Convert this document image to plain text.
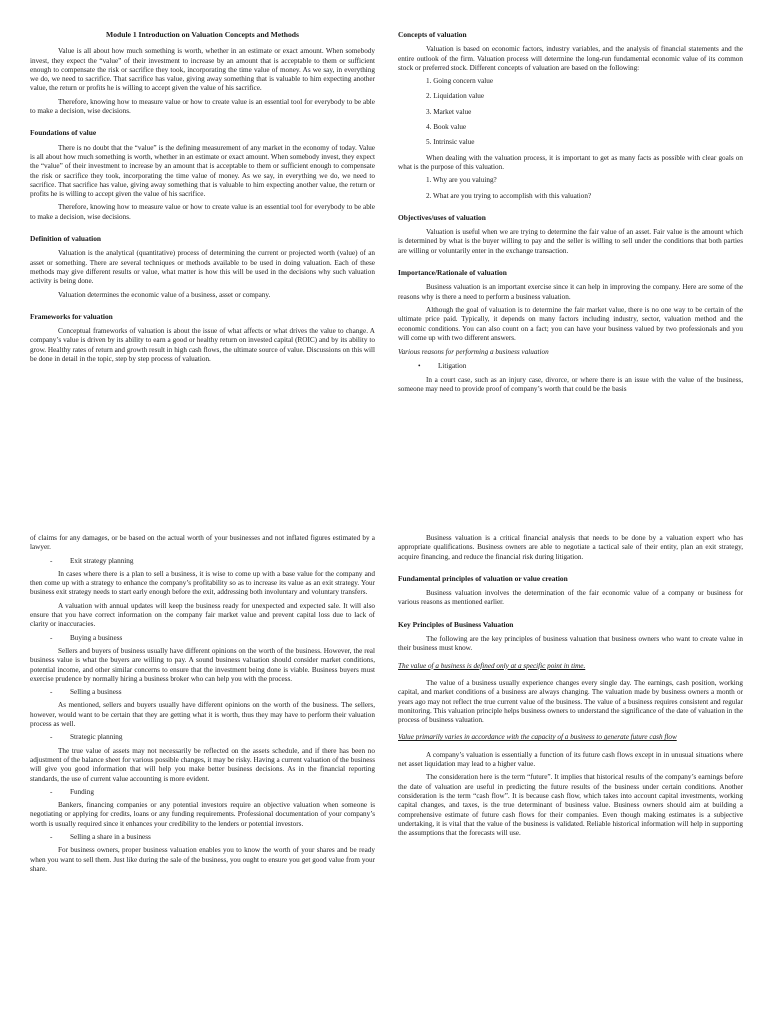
Module 1 Introduction on Valuation Concepts and Methods

Value is all about how much something is worth, whether in an estimate or exact amount. When somebody invest, they expect the “value” of their investment to increase by an amount that is acceptable to them or sufficient enough to compensate the risk or sacrifice they took, incorporating the time value of money. As we say, in everything we do, we need to sacrifice. That sacrifice has value, giving away something that is valuable to him expecting another value, the return or profits he is willing to accept given the value of his sacrifice.

Therefore, knowing how to measure value or how to create value is an essential tool for everybody to be able to make a decision, wise decisions.

Foundations of value

There is no doubt that the “value” is the defining measurement of any market in the economy of today. Value is all about how much something is worth, whether in an estimate or exact amount. When somebody invest, they expect the “value” of their investment to increase by an amount that is acceptable to them or sufficient enough to compensate the risk or sacrifice they took, incorporating the time value of money. As we say, in everything we do, we need to sacrifice. That sacrifice has value, giving away something that is valuable to him expecting another value, the return or profits he is willing to accept given the value of his sacrifice.

Therefore, knowing how to measure value or how to create value is an essential tool for everybody to be able to make a decision, wise decisions.

Definition of valuation

Valuation is the analytical (quantitative) process of determining the current or projected worth (value) of an asset or something. There are several techniques or methods available to be used in doing valuation. Each of these methods may give different results or value, what matter is how this will be used in the decisions why such valuation activity is being done.

Valuation determines the economic value of a business, asset or company.

Frameworks for valuation

Conceptual frameworks of valuation is about the issue of what affects or what drives the value to change. A company’s value is driven by its ability to earn a good or healthy return on invested capital (ROIC) and by its ability to grow. Healthy rates of return and growth result in high cash flows, the ultimate source of value. Discussions on this will be done in detail in the topic, step by step process of valuation.

Concepts of valuation

Valuation is based on economic factors, industry variables, and the analysis of financial statements and the entire outlook of the firm. Valuation process will determine the long-run fundamental economic value of its common stock or preferred stock. Different concepts of valuation are based on the following:

1. Going concern value

2. Liquidation value

3. Market value

4. Book value

5. Intrinsic value

When dealing with the valuation process, it is important to get as many facts as possible with clear goals on what is the purpose of this valuation.

1. Why are you valuing?

2. What are you trying to accomplish with this valuation?

Objectives/uses of valuation

Valuation is useful when we are trying to determine the fair value of an asset. Fair value is the amount which is determined by what is the buyer willing to pay and the seller is willing to sell under the conditions that both parties are willing or voluntarily enter in the exchange transaction.

Importance/Rationale of valuation

Business valuation is an important exercise since it can help in improving the company. Here are some of the reasons why is there a need to perform a business valuation.

Although the goal of valuation is to determine the fair market value, there is no one way to be certain of the ultimate price paid. Typically, it depends on many factors including industry, sector, valuation method and the economic conditions. You can also count on a fact; you can have your business valued by two professionals and you will come up with two different answers.

Various reasons for performing a business valuation

• Litigation

In a court case, such as an injury case, divorce, or where there is an issue with the value of the business, someone may need to provide proof of company’s worth that could be the basis

of claims for any damages, or be based on the actual worth of your businesses and not inflated figures estimated by a lawyer.

- Exit strategy planning

In cases where there is a plan to sell a business, it is wise to come up with a base value for the company and then come up with a strategy to enhance the company’s profitability so as to increase its value as an exit strategy. Your business exit strategy needs to start early enough before the exit, addressing both involuntary and voluntary transfers.

A valuation with annual updates will keep the business ready for unexpected and expected sale. It will also ensure that you have correct information on the company fair market value and prevent capital loss due to lack of clarity or inaccuracies.

- Buying a business

Sellers and buyers of business usually have different opinions on the worth of the business. However, the real business value is what the buyers are willing to pay. A sound business valuation should consider market conditions, potential income, and other similar concerns to ensure that the investment being done is viable. Business buyers must exercise prudence by normally hiring a business broker who can help you with the process.

- Selling a business

As mentioned, sellers and buyers usually have different opinions on the worth of the business. The sellers, however, would want to be certain that they are getting what it is worth, thus they may have to perform their valuation process as well.

- Strategic planning

The true value of assets may not necessarily be reflected on the assets schedule, and if there has been no adjustment of the balance sheet for various possible changes, it may be risky. Having a current valuation of the business will give you good information that will help you make better business decisions. As in the financial reporting standards, the use of current value accounting is more evident.

- Funding

Bankers, financing companies or any potential investors require an objective valuation when someone is negotiating or applying for credits, loans or any funding requirements. Professional documentation of your company’s worth is usually required since it enhances your credibility to the lenders or potential investors.

- Selling a share in a business

For business owners, proper business valuation enables you to know the worth of your shares and be ready when you want to sell them. Just like during the sale of the business, you ought to ensure you get good value from your share.

Business valuation is a critical financial analysis that needs to be done by a valuation expert who has appropriate qualifications. Business owners are able to negotiate a tactical sale of their entity, plan an exit strategy, acquire financing, and reduce the financial risk during litigation.

Fundamental principles of valuation or value creation

Business valuation involves the determination of the fair economic value of a company or business for various reasons as mentioned earlier.

Key Principles of Business Valuation

The following are the key principles of business valuation that business owners who want to create value in their business must know.

The value of a business is defined only at a specific point in time.

The value of a business usually experience changes every single day. The earnings, cash position, working capital, and market conditions of a business are always changing. The valuation made by business owners a month or years ago may not reflect the true current value of the business. The value of a business requires consistent and regular monitoring. This valuation principle helps business owners to understand the significance of the date of valuation in the process of business valuation.

Value primarily varies in accordance with the capacity of a business to generate future cash flow

A company’s valuation is essentially a function of its future cash flows except in in unusual situations where net asset liquidation may lead to a higher value.

The consideration here is the term “future”. It implies that historical results of the company’s earnings before the date of valuation are useful in predicting the future results of the business under certain conditions. Another consideration is the term “cash flow”. It is because cash flow, which takes into account capital investments, working capital changes, and taxes, is the true determinant of business value. Business owners should aim at building a comprehensive estimate of future cash flows for their companies. Even though making estimates is a subjective undertaking, it is vital that the value of the business is validated. Reliable historical information will help in supporting the assumptions that the forecasts will use.
